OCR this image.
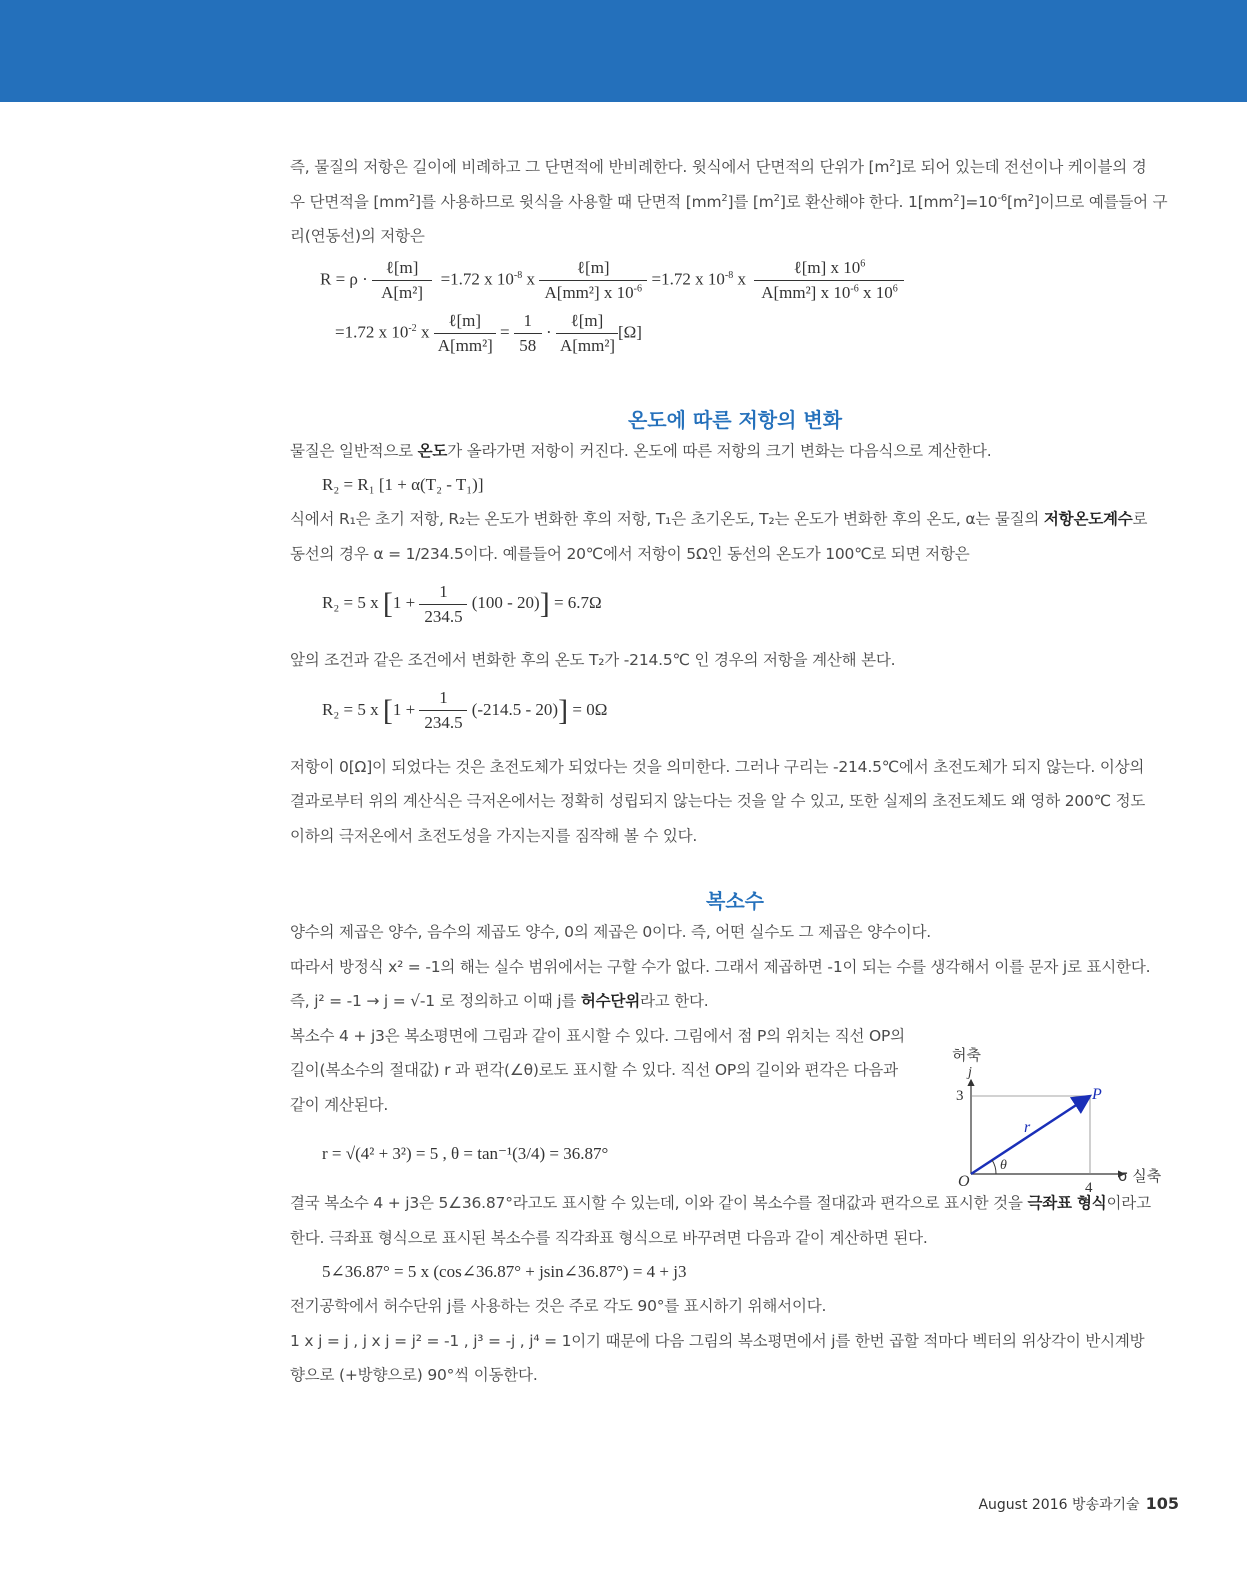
즉, 물질의 저항은 길이에 비례하고 그 단면적에 반비례한다. 윗식에서 단면적의 단위가 $[m^2]$로 되어 있는데 전선이나 케이블의 경

우 단면적을 $[mm^2]$를 사용하므로 윗식을 사용할 때 단면적 $[mm^2]$를 $[m^2]$로 환산해야 한다. $1[mm^2]=10^{-6}[m^2]$이므로 예를들어 구

리(연동선)의 저항은

$R = \rho \cdot \frac{\text{ℓ[m]}}{\text{A[m²]}} =1.72$ x $10^{-8}$ x $\frac{\text{ℓ[m]}}{A[mm^2] x 10^{-6}} =1.72$ x $10^{-8}$ x $\frac{\ell[m] x 10^6}{A[mm^2] x 10^{-6} x 10^6}$
=1.72 x $10^{-2}$ x $\frac{\text{ℓ[m]}}{\text{A[mm²]}} = \frac{1}{58} \cdot \frac{\text{ℓ[m]}}{\text{A[mm²]}} [\Omega]$
온도에 따른 저항의 변화

물질은 일반적으로 온도가 올라가면 저항이 커진다. 온도에 따른 저항의 크기 변화는 다음식으로 계산한다.

R₂ = R₁ [1 + α(T₂ - T₁)]

식에서 R₁은 초기 저항, R₂는 온도가 변화한 후의 저항, T₁은 초기온도, T₂는 온도가 변화한 후의 온도, α는 물질의 저항온도계수로

동선의 경우 α = 1/234.5이다. 예를들어 20℃에서 저항이 5Ω인 동선의 온도가 100℃로 되면 저항은

R₂ = 5 x $[1 + \frac{1}{234.5} (100 - 20)] = 6.7\Omega$

앞의 조건과 같은 조건에서 변화한 후의 온도 T₂가 -214.5℃ 인 경우의 저항을 계산해 본다.

R₂ = 5 x $[1 + \frac{1}{234.5} (-214.5 - 20)] = 0\Omega$

저항이 0[Ω]이 되었다는 것은 초전도체가 되었다는 것을 의미한다. 그러나 구리는 -214.5℃에서 초전도체가 되지 않는다. 이상의

결과로부터 위의 계산식은 극저온에서는 정확히 성립되지 않는다는 것을 알 수 있고, 또한 실제의 초전도체도 왜 영하 200℃ 정도

이하의 극저온에서 초전도성을 가지는지를 짐작해 볼 수 있다.

복소수

양수의 제곱은 양수, 음수의 제곱도 양수, 0의 제곱은 0이다. 즉, 어떤 실수도 그 제곱은 양수이다.

따라서 방정식 x² = -1의 해는 실수 범위에서는 구할 수가 없다. 그래서 제곱하면 -1이 되는 수를 생각해서 이를 문자 j로 표시한다.

즉, j² = -1 → j = √-1 로 정의하고 이때 j를 허수단위라고 한다.

복소수 4 + j3은 복소평면에 그림과 같이 표시할 수 있다. 그림에서 점 P의 위치는 직선 OP의

길이(복소수의 절대값) r 과 편각(∠θ)로도 표시할 수 있다. 직선 OP의 길이와 편각은 다음과

같이 계산된다.

r = √(4² + 3²) = 5 , θ = tan⁻¹(3/4) = 36.87°

결국 복소수 4 + j3은 5∠36.87°라고도 표시할 수 있는데, 이와 같이 복소수를 절대값과 편각으로 표시한 것을 극좌표 형식이라고

한다. 극좌표 형식으로 표시된 복소수를 직각좌표 형식으로 바꾸려면 다음과 같이 계산하면 된다.

5∠36.87° = 5 x (cos∠36.87° + jsin∠36.87°) = 4 + j3

전기공학에서 허수단위 j를 사용하는 것은 주로 각도 90°를 표시하기 위해서이다.

1 x j = j , j x j = j² = -1 , j³ = -j , j⁴ = 1이기 때문에 다음 그림의 복소평면에서 j를 한번 곱할 적마다 벡터의 위상각이 반시계방

향으로 (+방향으로) 90°씩 이동한다.

허축
j
3	P
r
θ
O	4
σ 실축
August 2016 방송과기술 105
